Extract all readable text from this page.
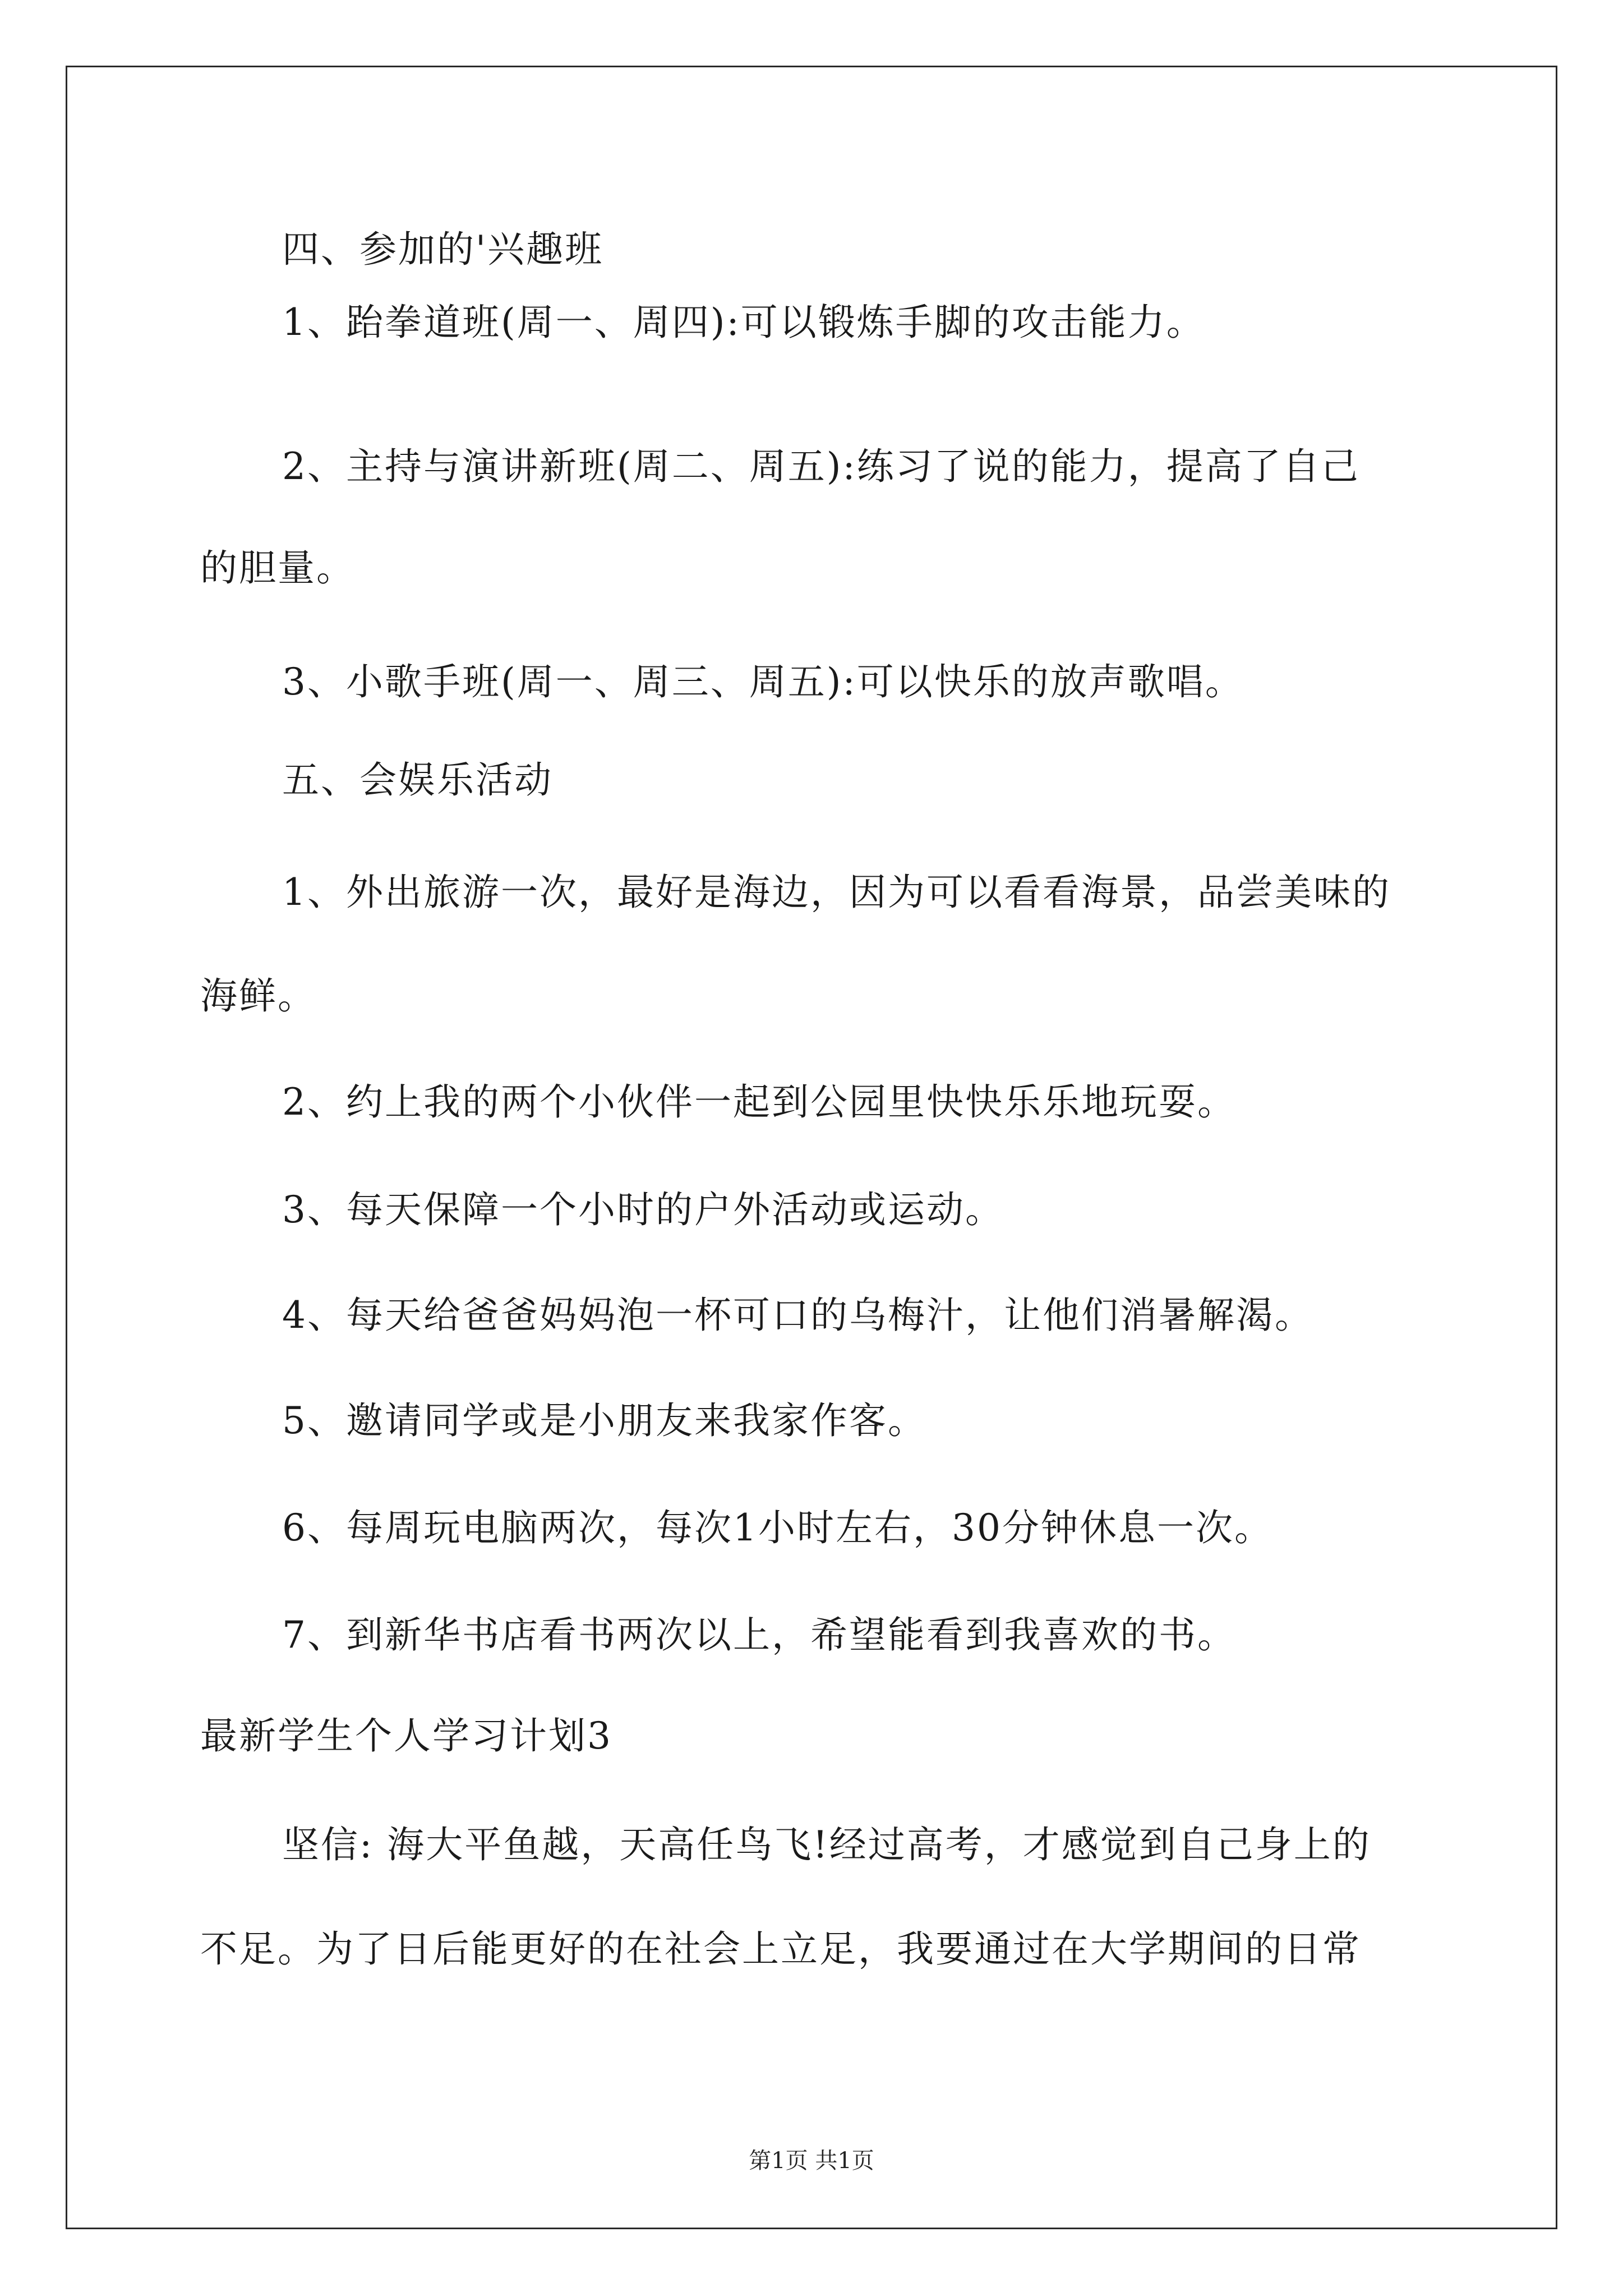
四、参加的'兴趣班
1、跆拳道班(周一、周四):可以锻炼手脚的攻击能力。
2、主持与演讲新班(周二、周五):练习了说的能力，提高了自己
的胆量。
3、小歌手班(周一、周三、周五):可以快乐的放声歌唱。
五、会娱乐活动
1、外出旅游一次，最好是海边，因为可以看看海景，品尝美味的
海鲜。
2、约上我的两个小伙伴一起到公园里快快乐乐地玩耍。
3、每天保障一个小时的户外活动或运动。
4、每天给爸爸妈妈泡一杯可口的乌梅汁，让他们消暑解渴。
5、邀请同学或是小朋友来我家作客。
6、每周玩电脑两次，每次1小时左右，30分钟休息一次。
7、到新华书店看书两次以上，希望能看到我喜欢的书。
最新学生个人学习计划3
坚信: 海大平鱼越，天高任鸟飞!经过高考，才感觉到自己身上的
不足。为了日后能更好的在社会上立足，我要通过在大学期间的日常
第1页 共1页
